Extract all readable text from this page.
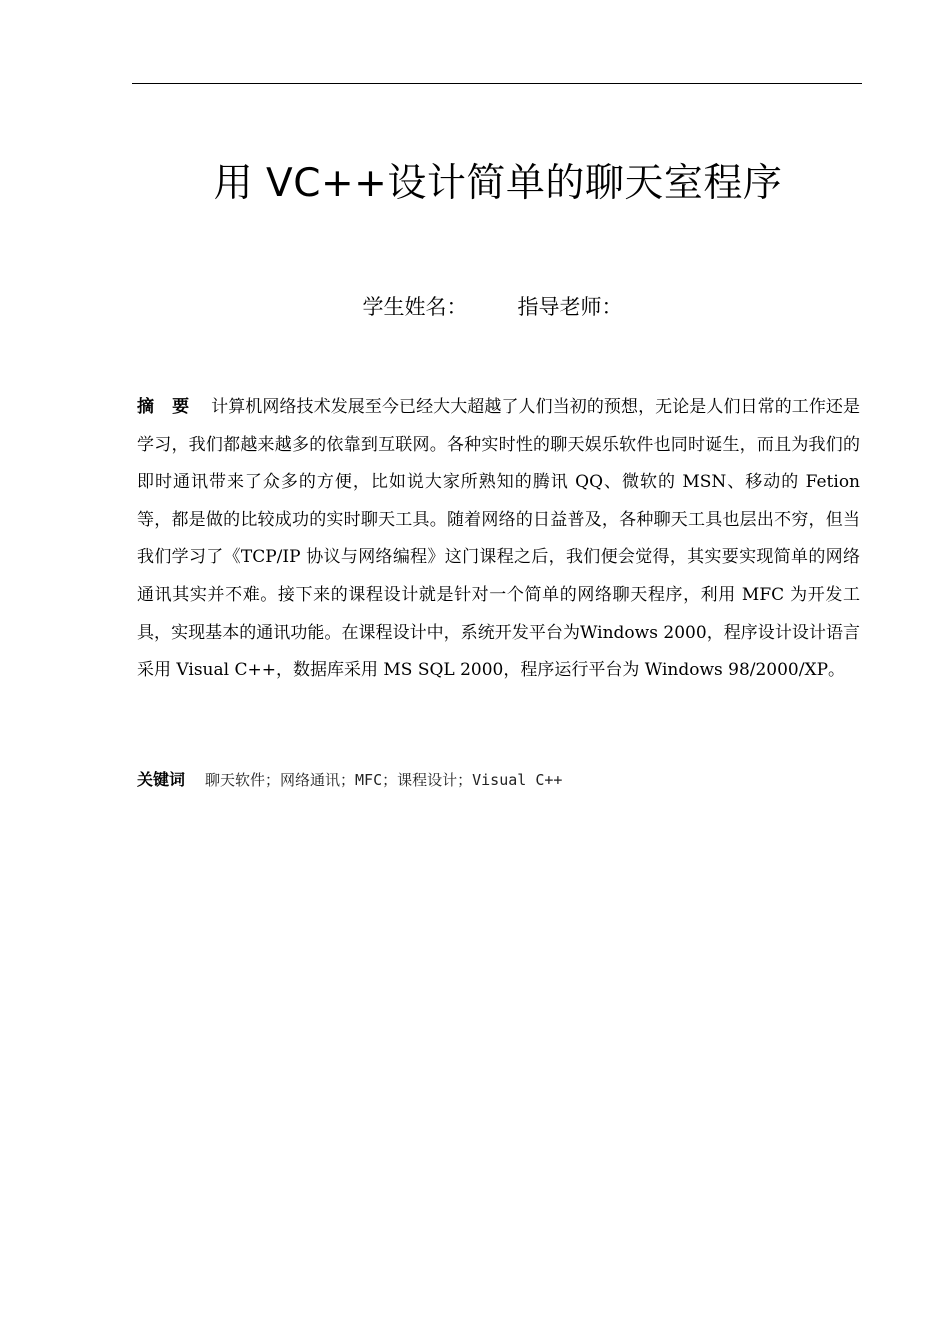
用 VC++设计简单的聊天室程序
学生姓名： 指导老师：
摘要 计算机网络技术发展至今已经大大超越了人们当初的预想，无论是人们日常的工作还是学习，我们都越来越多的依靠到互联网。各种实时性的聊天娱乐软件也同时诞生，而且为我们的即时通讯带来了众多的方便，比如说大家所熟知的腾讯 QQ、微软的 MSN、移动的 Fetion 等，都是做的比较成功的实时聊天工具。随着网络的日益普及，各种聊天工具也层出不穷，但当我们学习了《TCP/IP 协议与网络编程》这门课程之后，我们便会觉得，其实要实现简单的网络通讯其实并不难。接下来的课程设计就是针对一个简单的网络聊天程序，利用 MFC 为开发工具，实现基本的通讯功能。在课程设计中，系统开发平台为Windows 2000，程序设计设计语言采用 Visual C++，数据库采用 MS SQL 2000，程序运行平台为 Windows 98/2000/XP。
关键词 聊天软件；网络通讯；MFC；课程设计；Visual C++
